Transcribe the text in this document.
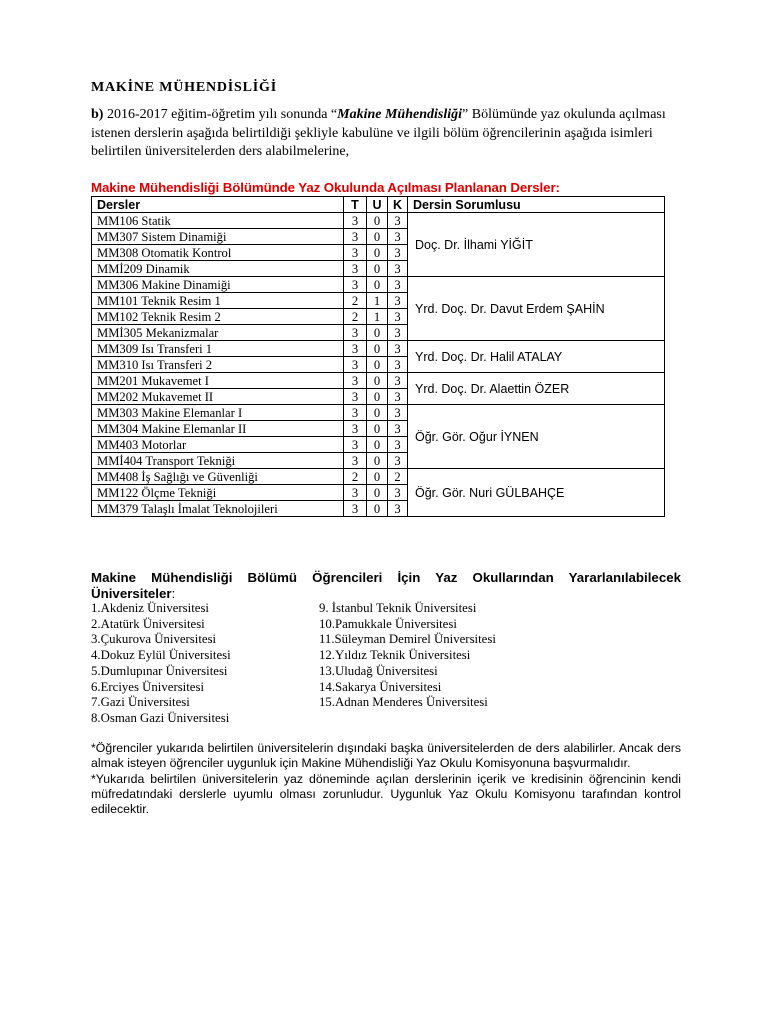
MAKİNE MÜHENDİSLİĞİ
b) 2016-2017 eğitim-öğretim yılı sonunda “Makine Mühendisliği” Bölümünde yaz okulunda açılması istenen derslerin aşağıda belirtildiği şekliyle kabulüne ve ilgili bölüm öğrencilerinin aşağıda isimleri belirtilen üniversitelerden ders alabilmelerine,
Makine Mühendisliği Bölümünde Yaz Okulunda Açılması Planlanan Dersler:
Dersler	T	U	K	Dersin Sorumlusu
MM106 Statik	3	0	3	Doç. Dr. İlhami YİĞİT
MM307 Sistem Dinamiği	3	0	3	
MM308 Otomatik Kontrol	3	0	3	
MMİ209 Dinamik	3	0	3	
MM306 Makine Dinamiği	3	0	3	Yrd. Doç. Dr. Davut Erdem ŞAHİN
MM101 Teknik Resim 1	2	1	3	
MM102 Teknik Resim 2	2	1	3	
MMİ305 Mekanizmalar	3	0	3	
MM309 Isı Transferi 1	3	0	3	Yrd. Doç. Dr. Halil ATALAY
MM310 Isı Transferi 2	3	0	3	
MM201 Mukavemet I	3	0	3	Yrd. Doç. Dr. Alaettin ÖZER
MM202 Mukavemet II	3	0	3	
MM303 Makine Elemanlar I	3	0	3	Öğr. Gör. Oğur İYNEN
MM304 Makine Elemanlar II	3	0	3	
MM403 Motorlar	3	0	3	
MMİ404 Transport Tekniği	3	0	3	
MM408 İş Sağlığı ve Güvenliği	2	0	2	Öğr. Gör. Nuri GÜLBAHÇE
MM122 Ölçme Tekniği	3	0	3	
MM379 Talaşlı İmalat Teknolojileri	3	0	3	
Makine Mühendisliği Bölümü Öğrencileri İçin Yaz Okullarından Yararlanılabilecek
Üniversiteler:
1.Akdeniz Üniversitesi
2.Atatürk Üniversitesi
3.Çukurova Üniversitesi
4.Dokuz Eylül Üniversitesi
5.Dumlupınar Üniversitesi
6.Erciyes Üniversitesi
7.Gazi Üniversitesi
8.Osman Gazi Üniversitesi
9. İstanbul Teknik Üniversitesi
10.Pamukkale Üniversitesi
11.Süleyman Demirel Üniversitesi
12.Yıldız Teknik Üniversitesi
13.Uludağ Üniversitesi
14.Sakarya Üniversitesi
15.Adnan Menderes Üniversitesi

*Öğrenciler yukarıda belirtilen üniversitelerin dışındaki başka üniversitelerden de ders alabilirler. Ancak ders almak isteyen öğrenciler uygunluk için Makine Mühendisliği Yaz Okulu Komisyonuna başvurmalıdır.

*Yukarıda belirtilen üniversitelerin yaz döneminde açılan derslerinin içerik ve kredisinin öğrencinin kendi müfredatındaki derslerle uyumlu olması zorunludur. Uygunluk Yaz Okulu Komisyonu tarafından kontrol edilecektir.
